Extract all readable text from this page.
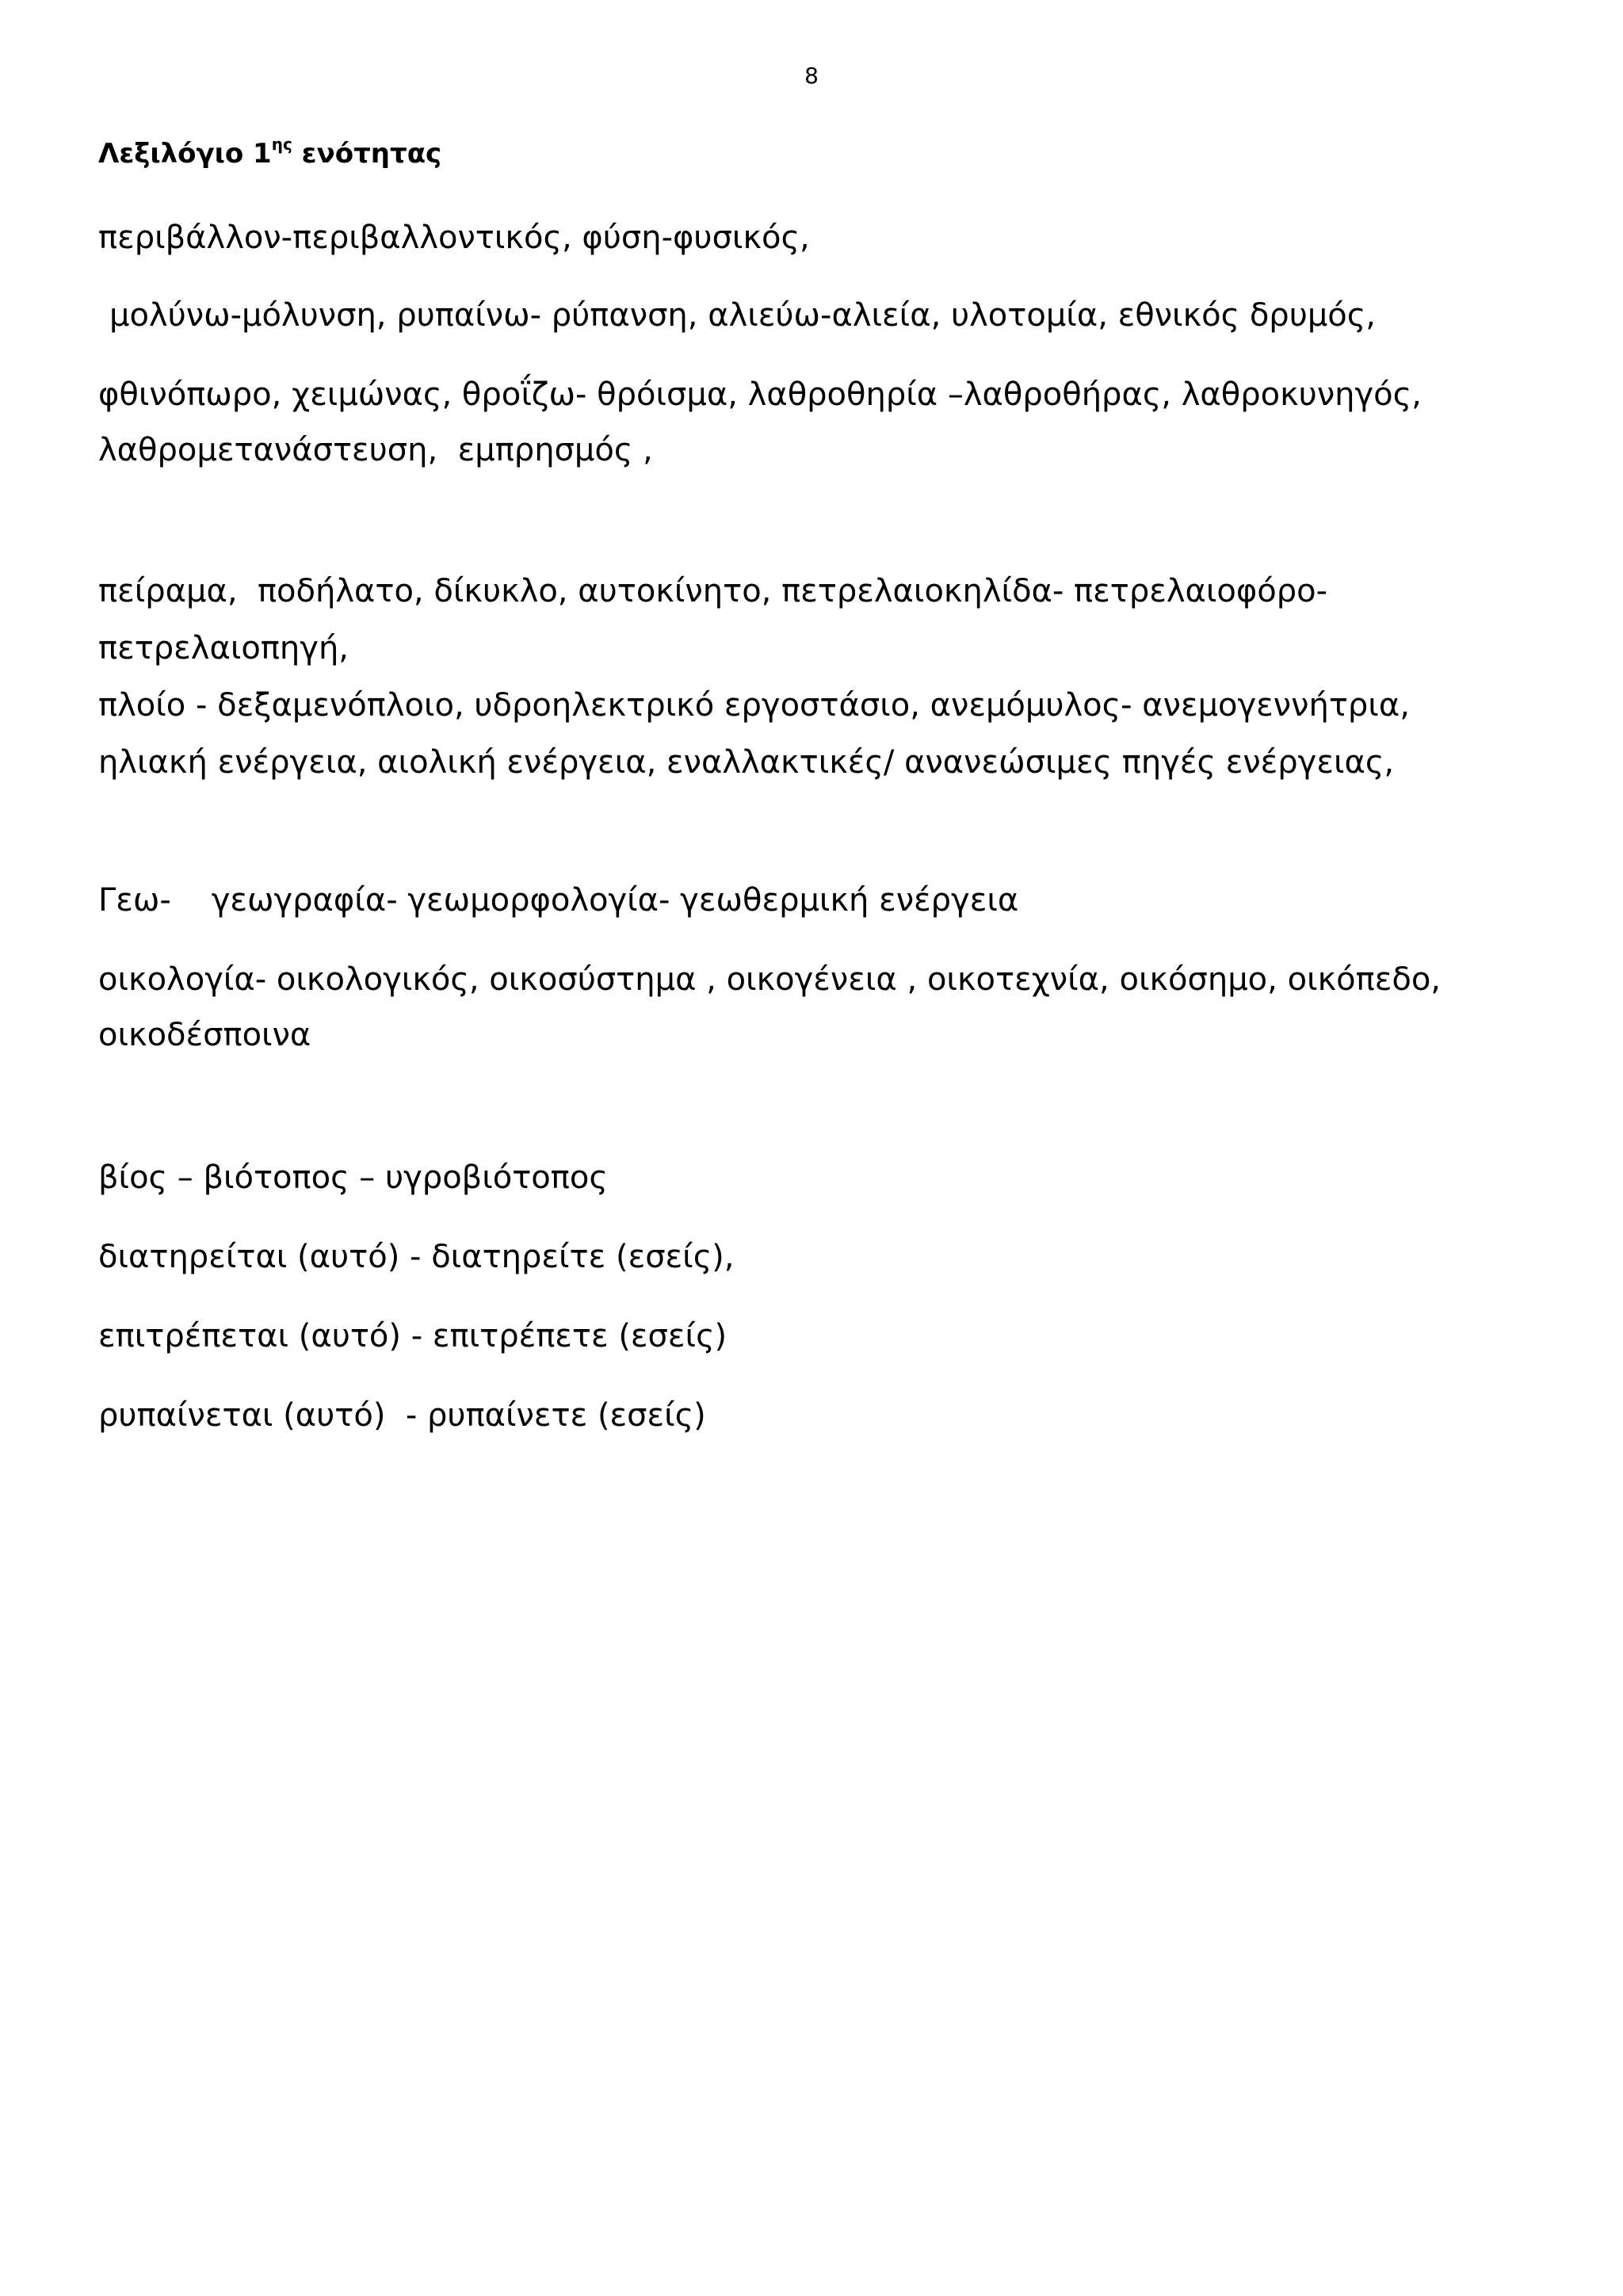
8
Λεξιλόγιο $1^{\eta\varsigma}$ ενότητας
περιβάλλον-περιβαλλοντικός, φύση-φυσικός,
μολύνω-μόλυνση, ρυπαίνω- ρύπανση, αλιεύω-αλιεία, υλοτομία, εθνικός δρυμός,
φθινόπωρο, χειμώνας, θροΐζω- θρόισμα, λαθροθηρία –λαθροθήρας, λαθροκυνηγός,
λαθρομετανάστευση,  εμπρησμός ,
πείραμα,  ποδήλατο, δίκυκλο, αυτοκίνητο, πετρελαιοκηλίδα- πετρελαιοφόρο-
πετρελαιοπηγή,
πλοίο - δεξαμενόπλοιο, υδροηλεκτρικό εργοστάσιο, ανεμόμυλος- ανεμογεννήτρια,
ηλιακή ενέργεια, αιολική ενέργεια, εναλλακτικές/ ανανεώσιμες πηγές ενέργειας,
Γεω-    γεωγραφία- γεωμορφολογία- γεωθερμική ενέργεια
οικολογία- οικολογικός, οικοσύστημα , οικογένεια , οικοτεχνία, οικόσημο, οικόπεδο,
οικοδέσποινα
βίος – βιότοπος – υγροβιότοπος
διατηρείται (αυτό) - διατηρείτε (εσείς),
επιτρέπεται (αυτό) - επιτρέπετε (εσείς)
ρυπαίνεται (αυτό)  - ρυπαίνετε (εσείς)
